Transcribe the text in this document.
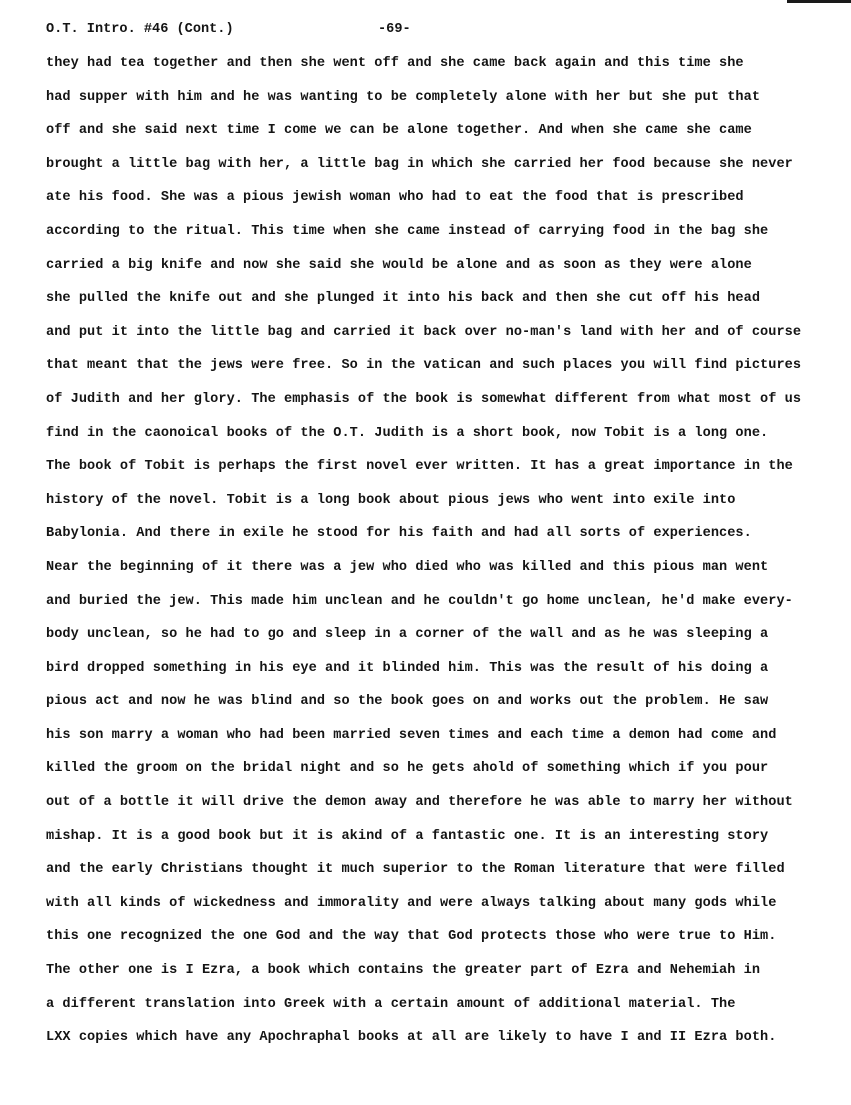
O.T. Intro. #46 (Cont.)

	-69-

they had tea together and then she went off and she came back again and this time she
had supper with him and he was wanting to be completely alone with her but she put that
off and she said next time I come we can be alone together. And when she came she came
brought a little bag with her, a little bag in which she carried her food because she never
ate his food. She was a pious jewish woman who had to eat the food that is prescribed
according to the ritual. This time when she came instead of carrying food in the bag she
carried a big knife and now she said she would be alone and as soon as they were alone
she pulled the knife out and she plunged it into his back and then she cut off his head
and put it into the little bag and carried it back over no-man's land with her and of course
that meant that the jews were free. So in the vatican and such places you will find pictures
of Judith and her glory. The emphasis of the book is somewhat different from what most of us
find in the caonoical books of the O.T. Judith is a short book, now Tobit is a long one.
The book of Tobit is perhaps the first novel ever written. It has a great importance in the
history of the novel. Tobit is a long book about pious jews who went into exile into
Babylonia. And there in exile he stood for his faith and had all sorts of experiences.
Near the beginning of it there was a jew who died who was killed and this pious man went
and buried the jew. This made him unclean and he couldn't go home unclean, he'd make every-
body unclean, so he had to go and sleep in a corner of the wall and as he was sleeping a
bird dropped something in his eye and it blinded him. This was the result of his doing a
pious act and now he was blind and so the book goes on and works out the problem. He saw
his son marry a woman who had been married seven times and each time a demon had come and
killed the groom on the bridal night and so he gets ahold of something which if you pour
out of a bottle it will drive the demon away and therefore he was able to marry her without
mishap. It is a good book but it is akind of a fantastic one. It is an interesting story
and the early Christians thought it much superior to the Roman literature that were filled
with all kinds of wickedness and immorality and were always talking about many gods while
this one recognized the one God and the way that God protects those who were true to Him.
The other one is I Ezra, a book which contains the greater part of Ezra and Nehemiah in
a different translation into Greek with a certain amount of additional material. The
LXX copies which have any Apochraphal books at all are likely to have I and II Ezra both.
